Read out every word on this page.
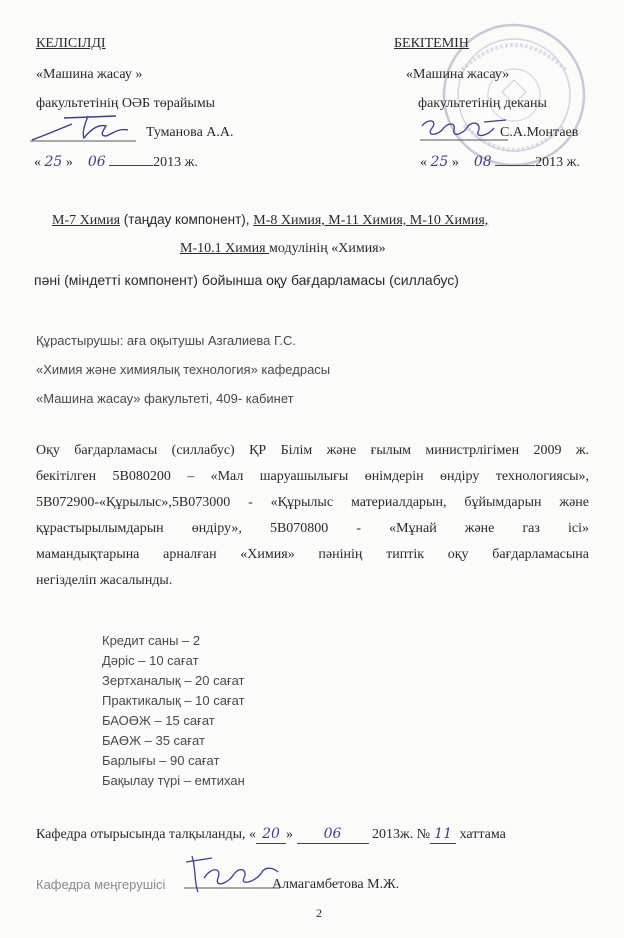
КЕЛІСІЛДІ
«Машина жасау »
факультетінің ОӘБ төрайымы
Туманова А.А.
« 25 » 06	2013 ж.
БЕКІТЕМІН
«Машина жасау»
факультетінің деканы
С.А.Монтаев
« 25 » 08	2013 ж.
М-7 Химия (таңдау компонент), М-8 Химия, М-11 Химия, М-10 Химия,
М-10.1 Химия модулінің «Химия»
пәні (міндетті компонент) бойынша оқу бағдарламасы (силлабус)
Құрастырушы: аға оқытушы Азгалиева Г.С.
«Химия және химиялық технология» кафедрасы
«Машина жасау» факультеті, 409- кабинет
Оқу бағдарламасы (силлабус) ҚР Білім және ғылым министрлігімен 2009 ж.
бекітілген 5В080200 – «Мал шаруашылығы өнімдерін өндіру технологиясы»,
5В072900-«Құрылыс»,5В073000 - «Құрылыс материалдарын, бұйымдарын және
құрастырылымдарын өндіру», 5В070800 - «Мұнай және газ ісі»
мамандықтарына арналған «Химия» пәнінің типтік оқу бағдарламасына
негізделіп жасалынды.
Кредит саны – 2
Дәріс – 10 сағат
Зертханалық – 20 сағат
Практикалық – 10 сағат
БАОӨЖ – 15 сағат
БАӨЖ – 35 сағат
Барлығы – 90 сағат
Бақылау түрі – емтихан
Кафедра отырысында талқыланды, « 20 » 06 2013ж. № 11 хаттама
Кафедра меңгерушісі	Алмагамбетова М.Ж.
2
